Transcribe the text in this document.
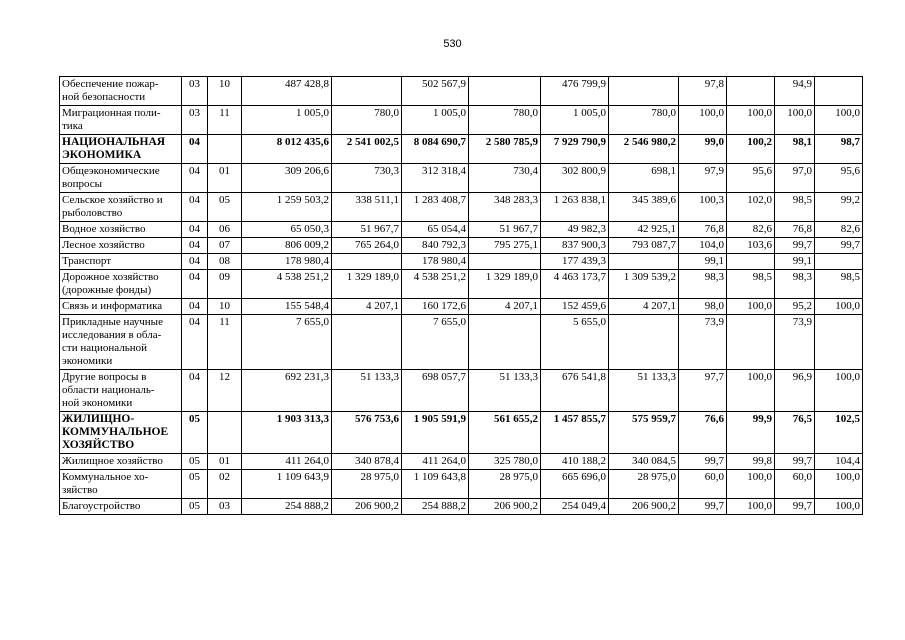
530
Обеспечение пожар-
ной безопасности	03	10	487 428,8		502 567,9		476 799,9		97,8		94,9	
Миграционная поли-
тика	03	11	1 005,0	780,0	1 005,0	780,0	1 005,0	780,0	100,0	100,0	100,0	100,0
НАЦИОНАЛЬНАЯ
ЭКОНОМИКА	04		8 012 435,6	2 541 002,5	8 084 690,7	2 580 785,9	7 929 790,9	2 546 980,2	99,0	100,2	98,1	98,7
Общеэкономические
вопросы	04	01	309 206,6	730,3	312 318,4	730,4	302 800,9	698,1	97,9	95,6	97,0	95,6
Сельское хозяйство и
рыболовство	04	05	1 259 503,2	338 511,1	1 283 408,7	348 283,3	1 263 838,1	345 389,6	100,3	102,0	98,5	99,2
Водное хозяйство	04	06	65 050,3	51 967,7	65 054,4	51 967,7	49 982,3	42 925,1	76,8	82,6	76,8	82,6
Лесное хозяйство	04	07	806 009,2	765 264,0	840 792,3	795 275,1	837 900,3	793 087,7	104,0	103,6	99,7	99,7
Транспорт	04	08	178 980,4		178 980,4		177 439,3		99,1		99,1	
Дорожное хозяйство
(дорожные фонды)	04	09	4 538 251,2	1 329 189,0	4 538 251,2	1 329 189,0	4 463 173,7	1 309 539,2	98,3	98,5	98,3	98,5
Связь и информатика	04	10	155 548,4	4 207,1	160 172,6	4 207,1	152 459,6	4 207,1	98,0	100,0	95,2	100,0
Прикладные научные
исследования в обла-
сти национальной
экономики	04	11	7 655,0		7 655,0		5 655,0		73,9		73,9	
Другие вопросы в
области националь-
ной экономики	04	12	692 231,3	51 133,3	698 057,7	51 133,3	676 541,8	51 133,3	97,7	100,0	96,9	100,0
ЖИЛИЩНО-
КОММУНАЛЬНОЕ
ХОЗЯЙСТВО	05		1 903 313,3	576 753,6	1 905 591,9	561 655,2	1 457 855,7	575 959,7	76,6	99,9	76,5	102,5
Жилищное хозяйство	05	01	411 264,0	340 878,4	411 264,0	325 780,0	410 188,2	340 084,5	99,7	99,8	99,7	104,4
Коммунальное хо-
зяйство	05	02	1 109 643,9	28 975,0	1 109 643,8	28 975,0	665 696,0	28 975,0	60,0	100,0	60,0	100,0
Благоустройство	05	03	254 888,2	206 900,2	254 888,2	206 900,2	254 049,4	206 900,2	99,7	100,0	99,7	100,0
